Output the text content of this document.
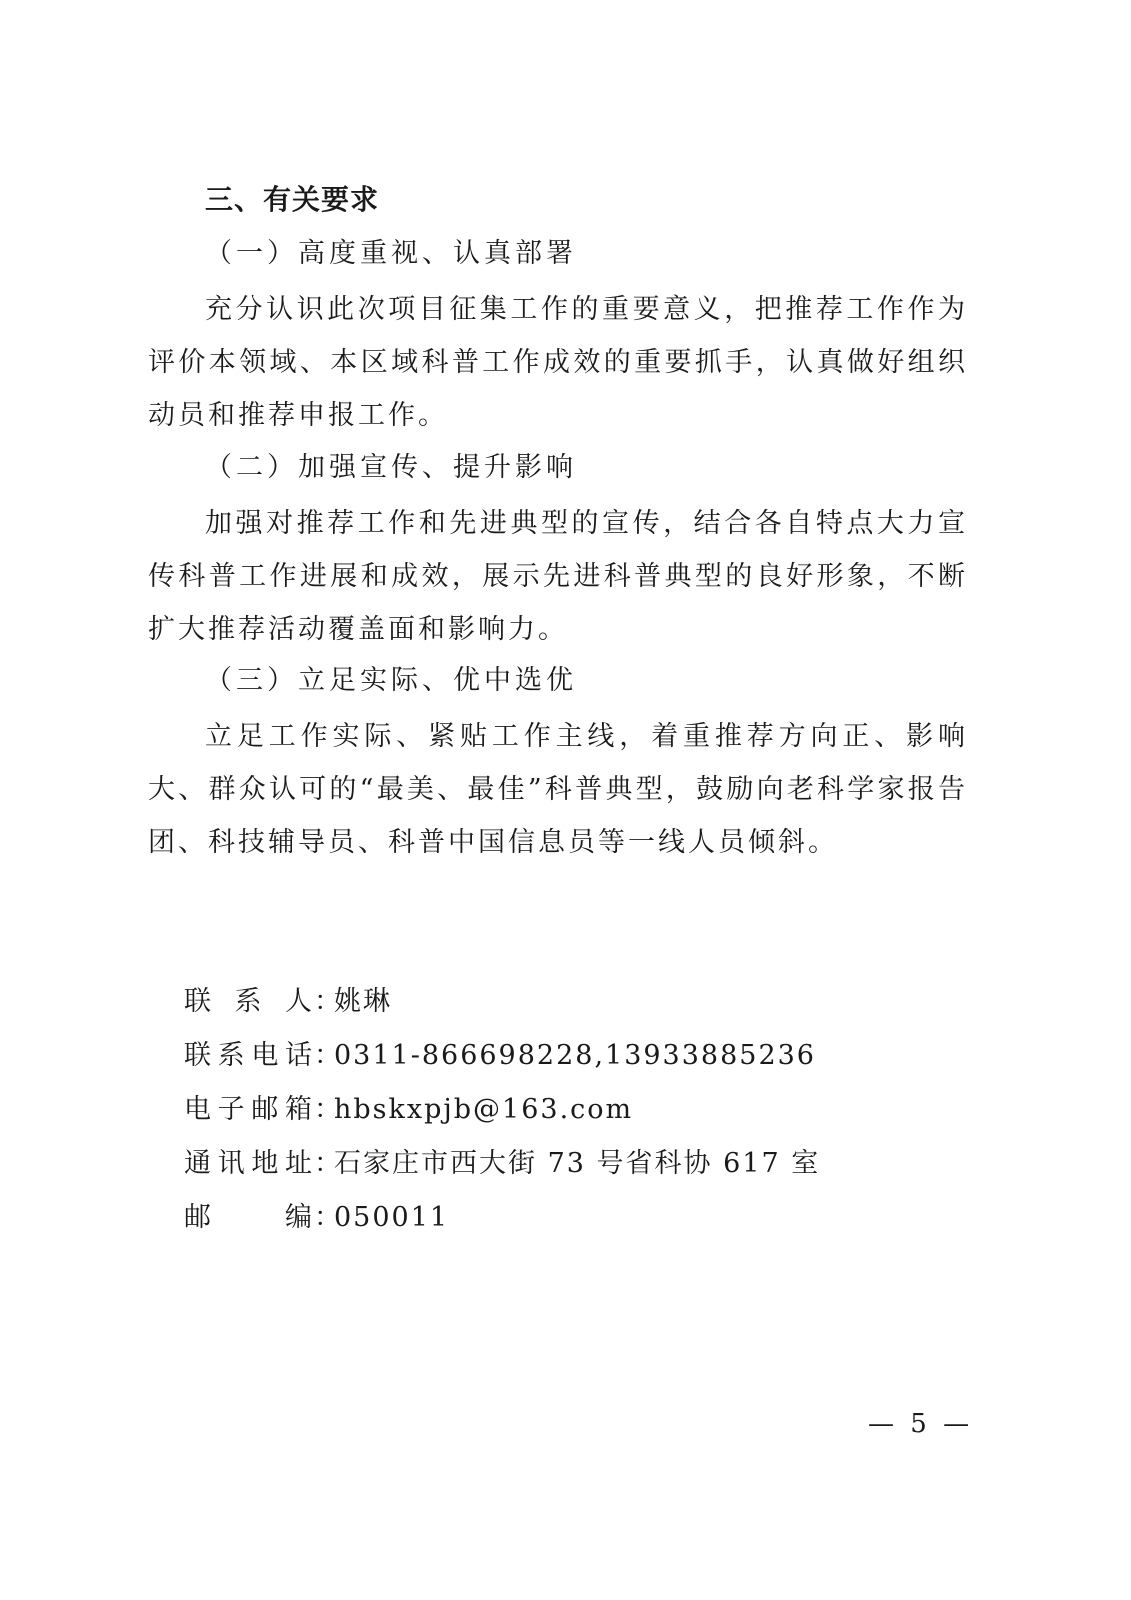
三、有关要求
（一）高度重视、认真部署
充分认识此次项目征集工作的重要意义，把推荐工作作为评价本领域、本区域科普工作成效的重要抓手，认真做好组织动员和推荐申报工作。
（二）加强宣传、提升影响
加强对推荐工作和先进典型的宣传，结合各自特点大力宣传科普工作进展和成效，展示先进科普典型的良好形象，不断扩大推荐活动覆盖面和影响力。
（三）立足实际、优中选优
立足工作实际、紧贴工作主线，着重推荐方向正、影响大、群众认可的“最美、最佳”科普典型，鼓励向老科学家报告团、科技辅导员、科普中国信息员等一线人员倾斜。
联系人 ：
姚琳
联系电话 ：
0311-866698228,13933885236
电子邮箱 ：
hbskxpjb@163.com
通讯地址 ：
石家庄市西大街 73 号省科协 617 室
邮编 ：
050011
— 5 —
